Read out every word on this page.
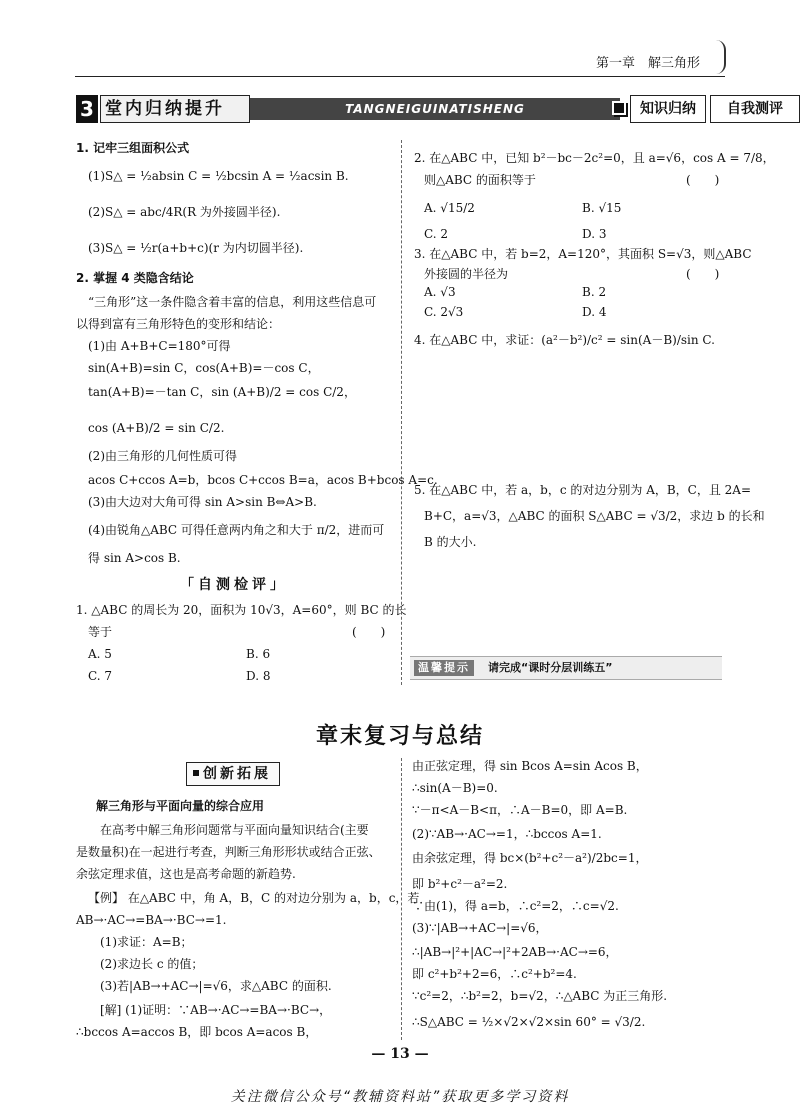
第一章　解三角形
3 堂内归纳提升	TANGNEIGUINATISHENG	知识归纳	自我测评
1. 记牢三组面积公式
(1)S△ = ½absin C = ½bcsin A = ½acsin B.
(2)S△ = abc/4R(R 为外接圆半径).
(3)S△ = ½r(a+b+c)(r 为内切圆半径).
2. 掌握 4 类隐含结论
“三角形”这一条件隐含着丰富的信息，利用这些信息可
以得到富有三角形特色的变形和结论：
(1)由 A+B+C=180°可得
sin(A+B)=sin C，cos(A+B)=－cos C，
tan(A+B)=－tan C，sin (A+B)/2 = cos C/2，
cos (A+B)/2 = sin C/2.
(2)由三角形的几何性质可得
acos C+ccos A=b，bcos C+ccos B=a，acos B+bcos A=c.
(3)由大边对大角可得 sin A>sin B⇔A>B.
(4)由锐角△ABC 可得任意两内角之和大于 π/2，进而可
得 sin A>cos B.
「自测检评」
1. △ABC 的周长为 20，面积为 10√3，A=60°，则 BC 的长
等于	(　　)
A. 5	B. 6
C. 7	D. 8
2. 在△ABC 中，已知 b²－bc－2c²=0，且 a=√6，cos A = 7/8，
则△ABC 的面积等于	(　　)
A. √15/2	B. √15
C. 2	D. 3
3. 在△ABC 中，若 b=2，A=120°，其面积 S=√3，则△ABC
外接圆的半径为	(　　)
A. √3	B. 2
C. 2√3	D. 4
4. 在△ABC 中，求证：(a²－b²)/c² = sin(A－B)/sin C.
5. 在△ABC 中，若 a，b，c 的对边分别为 A，B，C，且 2A=
B+C，a=√3，△ABC 的面积 S△ABC = √3/2，求边 b 的长和
B 的大小.
温馨提示	请完成“课时分层训练五”
章末复习与总结
创新拓展
解三角形与平面向量的综合应用
在高考中解三角形问题常与平面向量知识结合(主要
是数量积)在一起进行考查，判断三角形形状或结合正弦、
余弦定理求值，这也是高考命题的新趋势.
【例】 在△ABC 中，角 A，B，C 的对边分别为 a，b，c，若
AB→·AC→=BA→·BC→=1.
(1)求证：A=B；
(2)求边长 c 的值；
(3)若|AB→+AC→|=√6，求△ABC 的面积.
[解] (1)证明：∵AB→·AC→=BA→·BC→，
∴bccos A=accos B，即 bcos A=acos B，
由正弦定理，得 sin Bcos A=sin Acos B，
∴sin(A－B)=0.
∵－π<A－B<π，∴A－B=0，即 A=B.
(2)∵AB→·AC→=1，∴bccos A=1.
由余弦定理，得 bc×(b²+c²－a²)/2bc=1，
即 b²+c²－a²=2.
∵由(1)，得 a=b，∴c²=2，∴c=√2.
(3)∵|AB→+AC→|=√6，
∴|AB→|²+|AC→|²+2AB→·AC→=6，
即 c²+b²+2=6，∴c²+b²=4.
∵c²=2，∴b²=2，b=√2，∴△ABC 为正三角形.
∴S△ABC = ½×√2×√2×sin 60° = √3/2.
— 13 —
关注微信公众号“教辅资料站”获取更多学习资料
